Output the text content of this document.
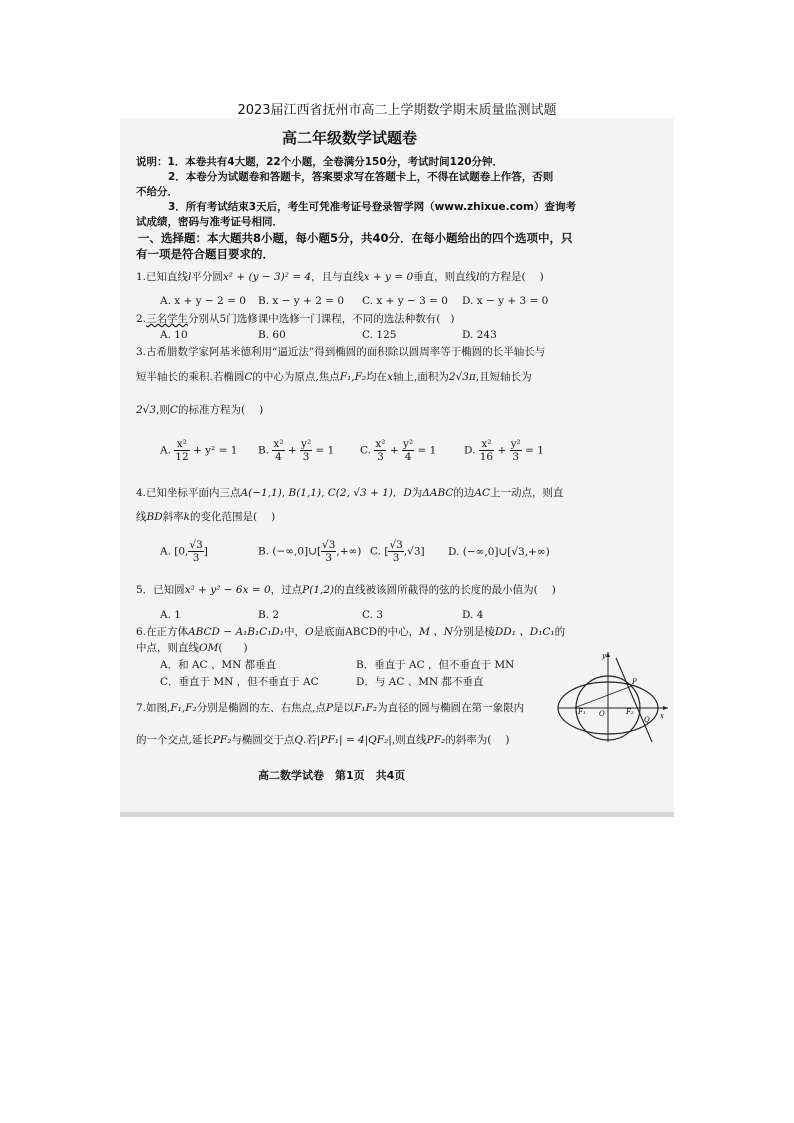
2023届江西省抚州市高二上学期数学期末质量监测试题
高二年级数学试题卷
说明：1．本卷共有4大题，22个小题，全卷满分150分，考试时间120分钟．
2．本卷分为试题卷和答题卡，答案要求写在答题卡上，不得在试题卷上作答，否则
不给分．
3．所有考试结束3天后，考生可凭准考证号登录智学网（www.zhixue.com）查询考
试成绩，密码与准考证号相同．
一、选择题：本大题共8小题，每小题5分，共40分．在每小题给出的四个选项中，只
有一项是符合题目要求的．
1.已知直线l平分圆x² + (y − 3)² = 4，且与直线x + y = 0垂直，则直线l的方程是( )
A. x + y − 2 = 0 B. x − y + 2 = 0 C. x + y − 3 = 0 D. x − y + 3 = 0
2.三名学生分别从5门选修课中选修一门课程，不同的选法种数有( )
A. 10	B. 60	C. 125	D. 243
3.古希腊数学家阿基米德利用“逼近法”得到椭圆的面积除以圆周率等于椭圆的长半轴长与
短半轴长的乘积.若椭圆C的中心为原点,焦点F₁,F₂均在x轴上,面积为2√3π,且短轴长为
2√3,则C的标准方程为( )
A. $\frac{\text{x²}}{12} + y^2 = 1$ B. $\frac{\text{x²}}{4} + \frac{\text{y²}}{3} = 1$ C. $\frac{\text{x²}}{3} + \frac{\text{y²}}{4} = 1$	D. $\frac{\text{x²}}{16} + \frac{\text{y²}}{3} = 1$
4.已知坐标平面内三点A(−1,1), B(1,1), C(2, √3 + 1)．D为ΔABC的边AC上一动点，则直
线BD斜率k的变化范围是( )
A. [0, $\frac{√3}{3}$ ]	B. (−∞,0]∪[ $\frac{√3}{3}$ ,+∞) C. [ $\frac{√3}{3} ,√3$] D. (−∞,0]∪[√3,+∞)
5．已知圆x² + y² − 6x = 0，过点P(1,2)的直线被该圆所截得的弦的长度的最小值为( )
A. 1	B. 2	C. 3	D. 4
6.在正方体ABCD − A₁B₁C₁D₁中，O是底面ABCD的中心，M 、N分别是棱DD₁ 、D₁C₁的
中点，则直线OM(　　)
A．和 AC 、MN 都垂直	B．垂直于 AC ，但不垂直于 MN
C．垂直于 MN ，但不垂直于 AC	D．与 AC 、MN 都不垂直
7.如图,F₁,F₂分别是椭圆的左、右焦点,点P是以F₁F₂为直径的圆与椭圆在第一象限内
的一个交点,延长PF₂与椭圆交于点Q.若|PF₁| = 4|QF₂|,则直线PF₂的斜率为( )
F₁ O	F₂
P
Q x
y
高二数学试卷　第1页　共4页
